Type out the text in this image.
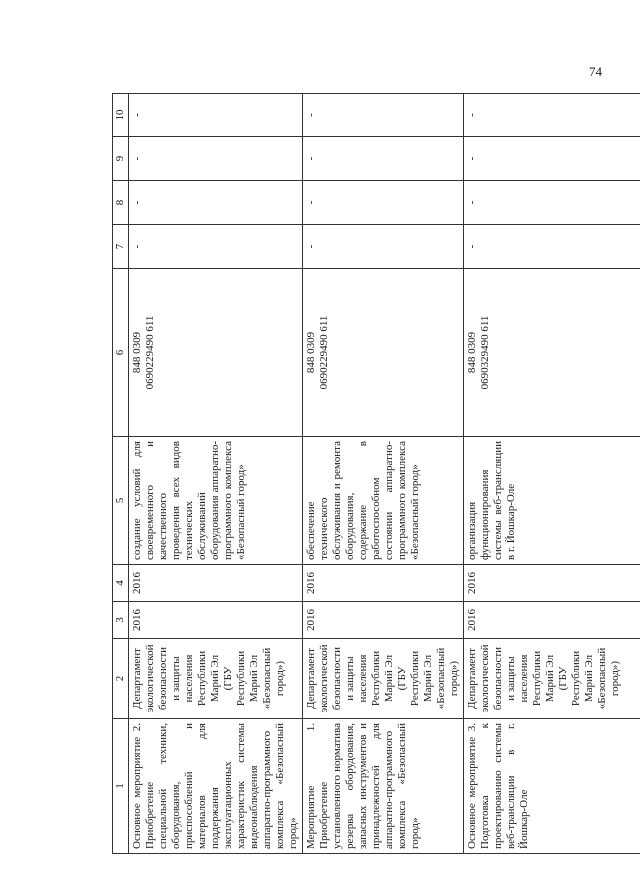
74
1	2	3	4	5	6	7	8	9	10
Основное мероприятие 2. Приобретение специальной техники, оборудования, приспособлений и материалов для поддержания эксплуатационных характеристик системы видеонаблюдения аппаратно-программного комплекса «Безопасный город»	Департамент экологической безопасности и защиты населения Республики Марий Эл (ГБУ Республики Марий Эл «Безопасный город»)	2016	2016	создание условий для своевременного и качественного проведения всех видов технических обслуживаний оборудования аппаратно-программного комплекса «Безопасный город»	848 0309 0690229490 611	-	-	-	-
Мероприятие 1. Приобретение установленного норматива резерва оборудования, запасных инструментов и принадлежностей для аппаратно-программного комплекса «Безопасный город»	Департамент экологической безопасности и защиты населения Республики Марий Эл (ГБУ Республики Марий Эл «Безопасный город»)	2016	2016	обеспечение технического обслуживания и ремонта оборудования, содержание в работоспособном состоянии аппаратно-программного комплекса «Безопасный город»	848 0309 0690229490 611	-	-	-	-
Основное мероприятие 3. Подготовка к проектированию системы веб-трансляции в г. Йошкар-Оле	Департамент экологической безопасности и защиты населения Республики Марий Эл (ГБУ Республики Марий Эл «Безопасный город»)	2016	2016	организация функционирования системы веб-трансляции в г. Йошкар-Оле	848 0309 0690329490 611	-	-	-	-
